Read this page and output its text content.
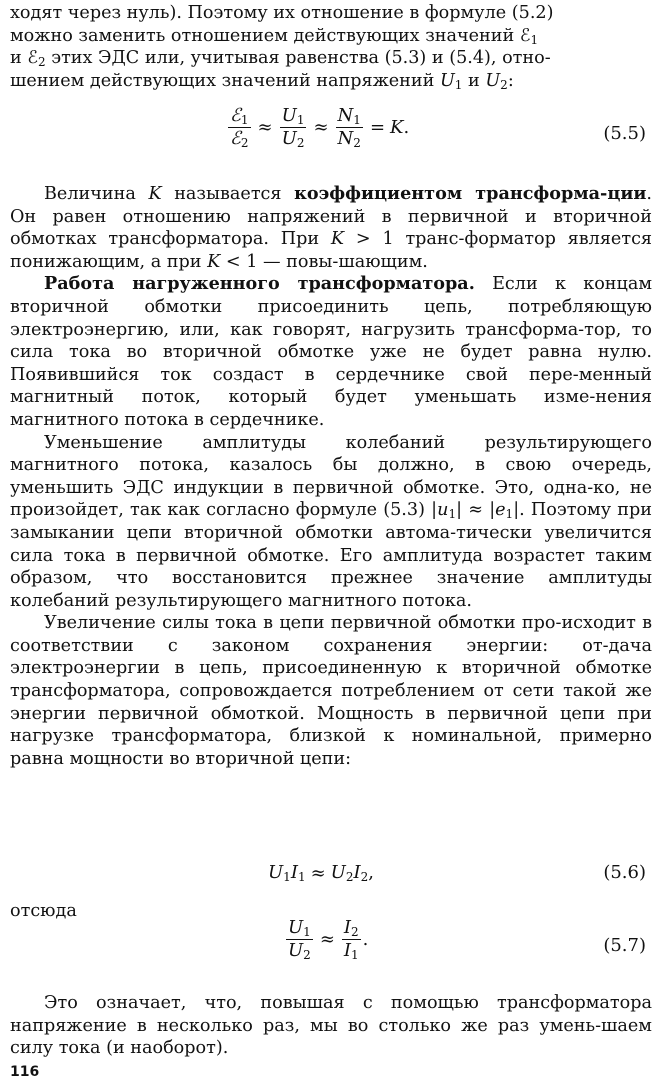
ходят через нуль). Поэтому их отношение в формуле (5.2)

можно заменить отношением действующих значений ℰ$_1$

и ℰ$_2$ этих ЭДС или, учитывая равенства (5.3) и (5.4), отно-

шением действующих значений напряжений $U_1$ и $U_2$:

$\frac{ℰ_1}{ℰ_2} \approx \frac{U_1}{U_2} \approx \frac{N_1}{N_2} = K$.	(5.5)

Величина K называется коэффициентом трансформа-ции. Он равен отношению напряжений в первичной и вторичной обмотках трансформатора. При K > 1 транс-форматор является понижающим, а при K < 1 — повы-шающим.

Работа нагруженного трансформатора. Если к концам вторичной обмотки присоединить цепь, потребляющую электроэнергию, или, как говорят, нагрузить трансформа-тор, то сила тока во вторичной обмотке уже не будет равна нулю. Появившийся ток создаст в сердечнике свой пере-менный магнитный поток, который будет уменьшать изме-нения магнитного потока в сердечнике.

Уменьшение амплитуды колебаний результирующего магнитного потока, казалось бы должно, в свою очередь, уменьшить ЭДС индукции в первичной обмотке. Это, одна-ко, не произойдет, так как согласно формуле (5.3) $|u_1| \approx |e_1|$. Поэтому при замыкании цепи вторичной обмотки автома-тически увеличится сила тока в первичной обмотке. Его амплитуда возрастет таким образом, что восстановится прежнее значение амплитуды колебаний результирующего магнитного потока.

Увеличение силы тока в цепи первичной обмотки про-исходит в соответствии с законом сохранения энергии: от-дача электроэнергии в цепь, присоединенную к вторичной обмотке трансформатора, сопровождается потреблением от сети такой же энергии первичной обмоткой. Мощность в первичной цепи при нагрузке трансформатора, близкой к номинальной, примерно равна мощности во вторичной цепи:

$U_1I_1 \approx U_2I_2$,	(5.6)

отсюда

$\frac{U_1}{U_2} \approx \frac{I_2}{I_1}$ .	(5.7)

Это означает, что, повышая с помощью трансформатора напряжение в несколько раз, мы во столько же раз умень-шаем силу тока (и наоборот).

116
